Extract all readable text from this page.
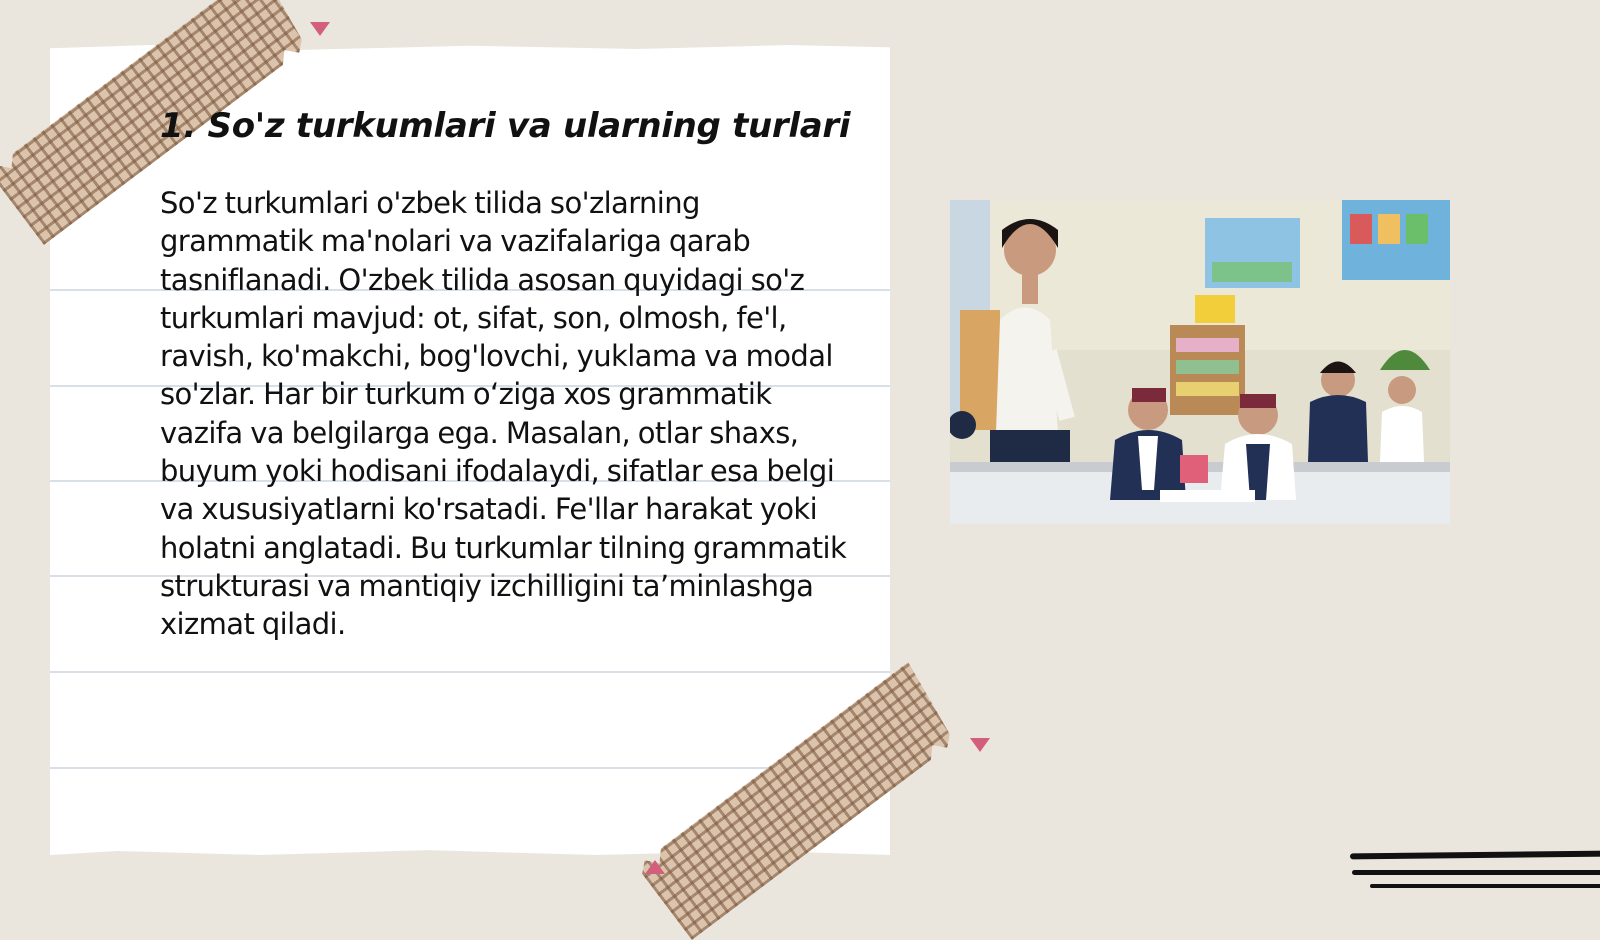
1. So'z turkumlari va ularning turlari

So'z turkumlari o'zbek tilida so'zlarning grammatik ma'nolari va vazifalariga qarab tasniflanadi. O'zbek tilida asosan quyidagi so'z turkumlari mavjud: ot, sifat, son, olmosh, fe'l, ravish, ko'makchi, bog'lovchi, yuklama va modal so'zlar. Har bir turkum o‘ziga xos grammatik vazifa va belgilarga ega. Masalan, otlar shaxs, buyum yoki hodisani ifodalaydi, sifatlar esa belgi va xususiyatlarni ko'rsatadi. Fe'llar harakat yoki holatni anglatadi. Bu turkumlar tilning grammatik strukturasi va mantiqiy izchilligini ta’minlashga xizmat qiladi.
